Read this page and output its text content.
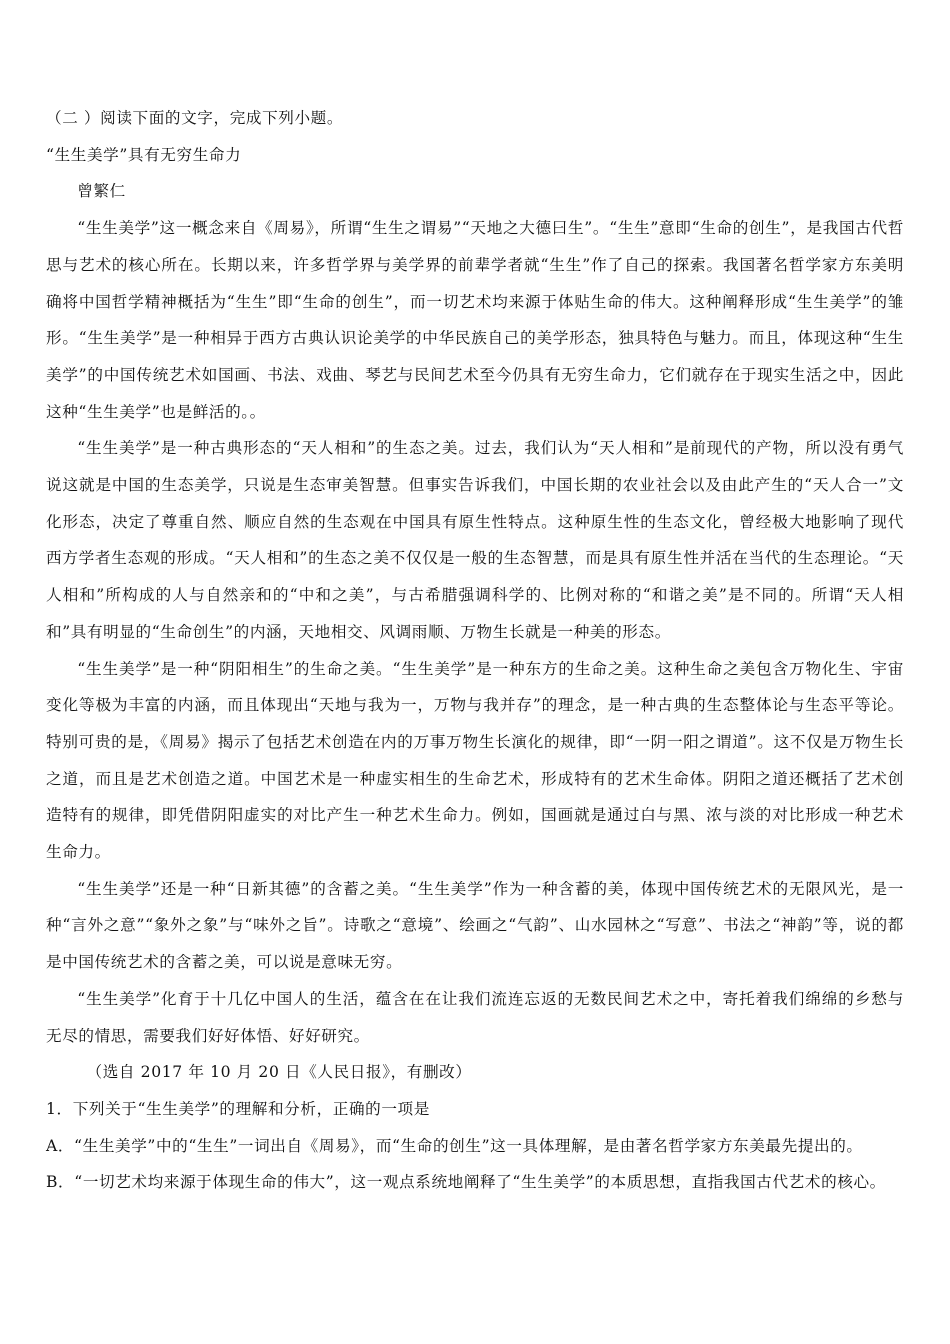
（二 ）阅读下面的文字，完成下列小题。

“生生美学”具有无穷生命力

曾繁仁

“生生美学”这一概念来自《周易》，所谓“生生之谓易”“天地之大德曰生”。“生生”意即“生命的创生”，是我国古代哲思与艺术的核心所在。长期以来，许多哲学界与美学界的前辈学者就“生生”作了自己的探索。我国著名哲学家方东美明确将中国哲学精神概括为“生生”即“生命的创生”，而一切艺术均来源于体贴生命的伟大。这种阐释形成“生生美学”的雏形。“生生美学”是一种相异于西方古典认识论美学的中华民族自己的美学形态，独具特色与魅力。而且，体现这种“生生美学”的中国传统艺术如国画、书法、戏曲、琴艺与民间艺术至今仍具有无穷生命力，它们就存在于现实生活之中，因此这种“生生美学”也是鲜活的。。

“生生美学”是一种古典形态的“天人相和”的生态之美。过去，我们认为“天人相和”是前现代的产物，所以没有勇气说这就是中国的生态美学，只说是生态审美智慧。但事实告诉我们，中国长期的农业社会以及由此产生的“天人合一”文化形态，决定了尊重自然、顺应自然的生态观在中国具有原生性特点。这种原生性的生态文化，曾经极大地影响了现代西方学者生态观的形成。“天人相和”的生态之美不仅仅是一般的生态智慧，而是具有原生性并活在当代的生态理论。“天人相和”所构成的人与自然亲和的“中和之美”，与古希腊强调科学的、比例对称的“和谐之美”是不同的。所谓“天人相和”具有明显的“生命创生”的内涵，天地相交、风调雨顺、万物生长就是一种美的形态。

“生生美学”是一种“阴阳相生”的生命之美。“生生美学”是一种东方的生命之美。这种生命之美包含万物化生、宇宙变化等极为丰富的内涵，而且体现出“天地与我为一，万物与我并存”的理念，是一种古典的生态整体论与生态平等论。特别可贵的是，《周易》揭示了包括艺术创造在内的万事万物生长演化的规律，即“一阴一阳之谓道”。这不仅是万物生长之道，而且是艺术创造之道。中国艺术是一种虚实相生的生命艺术，形成特有的艺术生命体。阴阳之道还概括了艺术创造特有的规律，即凭借阴阳虚实的对比产生一种艺术生命力。例如，国画就是通过白与黑、浓与淡的对比形成一种艺术生命力。

“生生美学”还是一种“日新其德”的含蓄之美。“生生美学”作为一种含蓄的美，体现中国传统艺术的无限风光，是一种“言外之意”“象外之象”与“味外之旨”。诗歌之“意境”、绘画之“气韵”、山水园林之“写意”、书法之“神韵”等，说的都是中国传统艺术的含蓄之美，可以说是意味无穷。

“生生美学”化育于十几亿中国人的生活，蕴含在在让我们流连忘返的无数民间艺术之中，寄托着我们绵绵的乡愁与无尽的情思，需要我们好好体悟、好好研究。

（选自 2017 年 10 月 20 日《人民日报》，有删改）

1．下列关于“生生美学”的理解和分析，正确的一项是

A．“生生美学”中的“生生”一词出自《周易》，而“生命的创生”这一具体理解，是由著名哲学家方东美最先提出的。

B．“一切艺术均来源于体现生命的伟大”，这一观点系统地阐释了“生生美学”的本质思想，直指我国古代艺术的核心。
